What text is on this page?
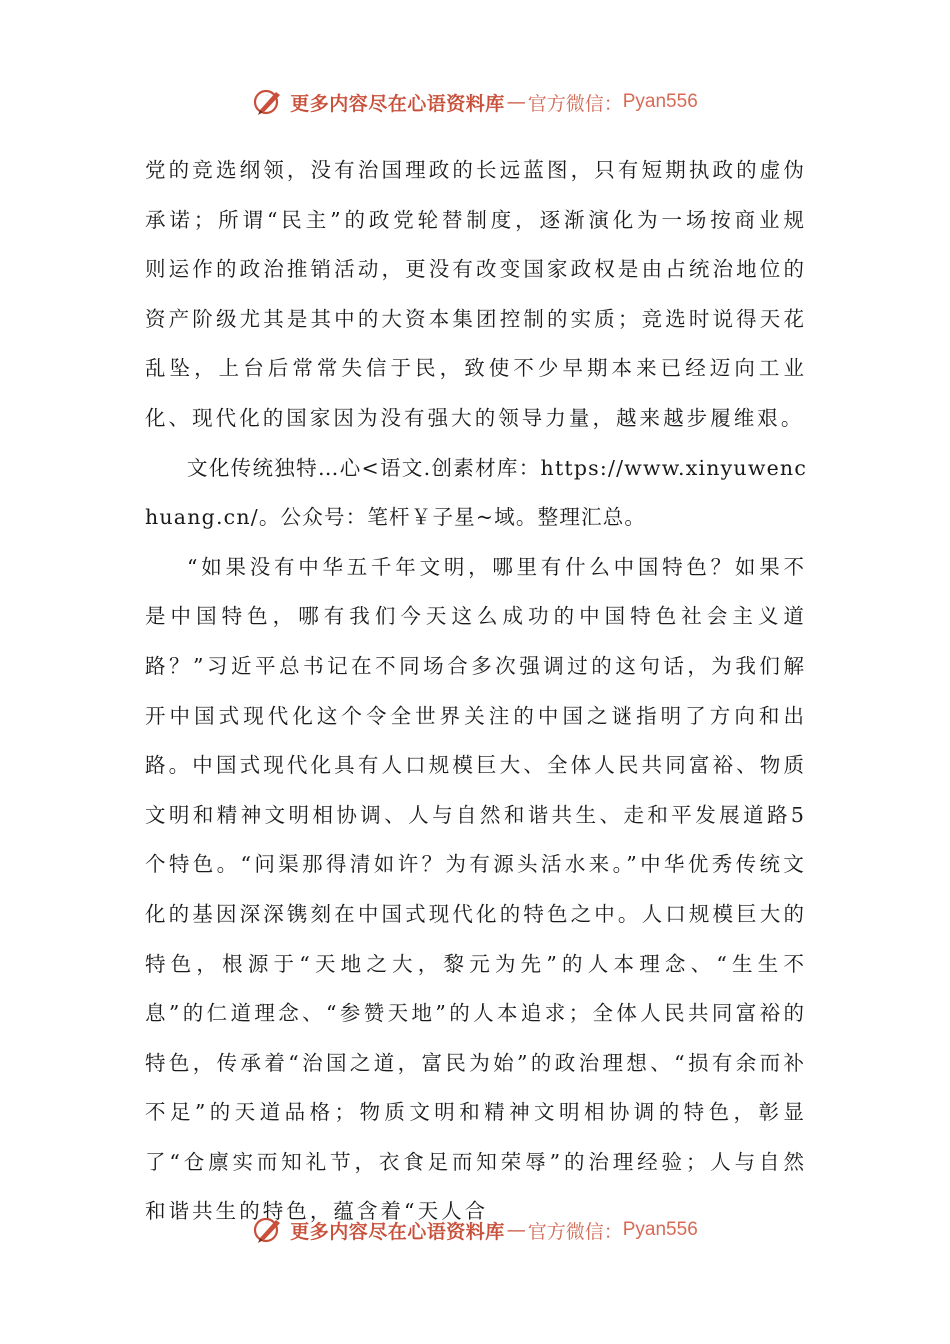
更多内容尽在心语资料库 — 官方微信： Pyan556

党的竞选纲领，没有治国理政的长远蓝图，只有短期执政的虚伪承诺；所谓“民主”的政党轮替制度，逐渐演化为一场按商业规则运作的政治推销活动，更没有改变国家政权是由占统治地位的资产阶级尤其是其中的大资本集团控制的实质；竞选时说得天花乱坠，上台后常常失信于民，致使不少早期本来已经迈向工业化、现代化的国家因为没有强大的领导力量，越来越步履维艰。

文化传统独特…心<语文.创素材库：https://www.xinyuwenchuang.cn/。公众号：笔杆￥子星~域。整理汇总。

“如果没有中华五千年文明，哪里有什么中国特色？如果不是中国特色，哪有我们今天这么成功的中国特色社会主义道路？”习近平总书记在不同场合多次强调过的这句话，为我们解开中国式现代化这个令全世界关注的中国之谜指明了方向和出路。中国式现代化具有人口规模巨大、全体人民共同富裕、物质文明和精神文明相协调、人与自然和谐共生、走和平发展道路5个特色。“问渠那得清如许？为有源头活水来。”中华优秀传统文化的基因深深镌刻在中国式现代化的特色之中。人口规模巨大的特色，根源于“天地之大，黎元为先”的人本理念、“生生不息”的仁道理念、“参赞天地”的人本追求；全体人民共同富裕的特色，传承着“治国之道，富民为始”的政治理想、“损有余而补不足”的天道品格；物质文明和精神文明相协调的特色，彰显了“仓廪实而知礼节，衣食足而知荣辱”的治理经验；人与自然和谐共生的特色，蕴含着“天人合

更多内容尽在心语资料库 — 官方微信： Pyan556
